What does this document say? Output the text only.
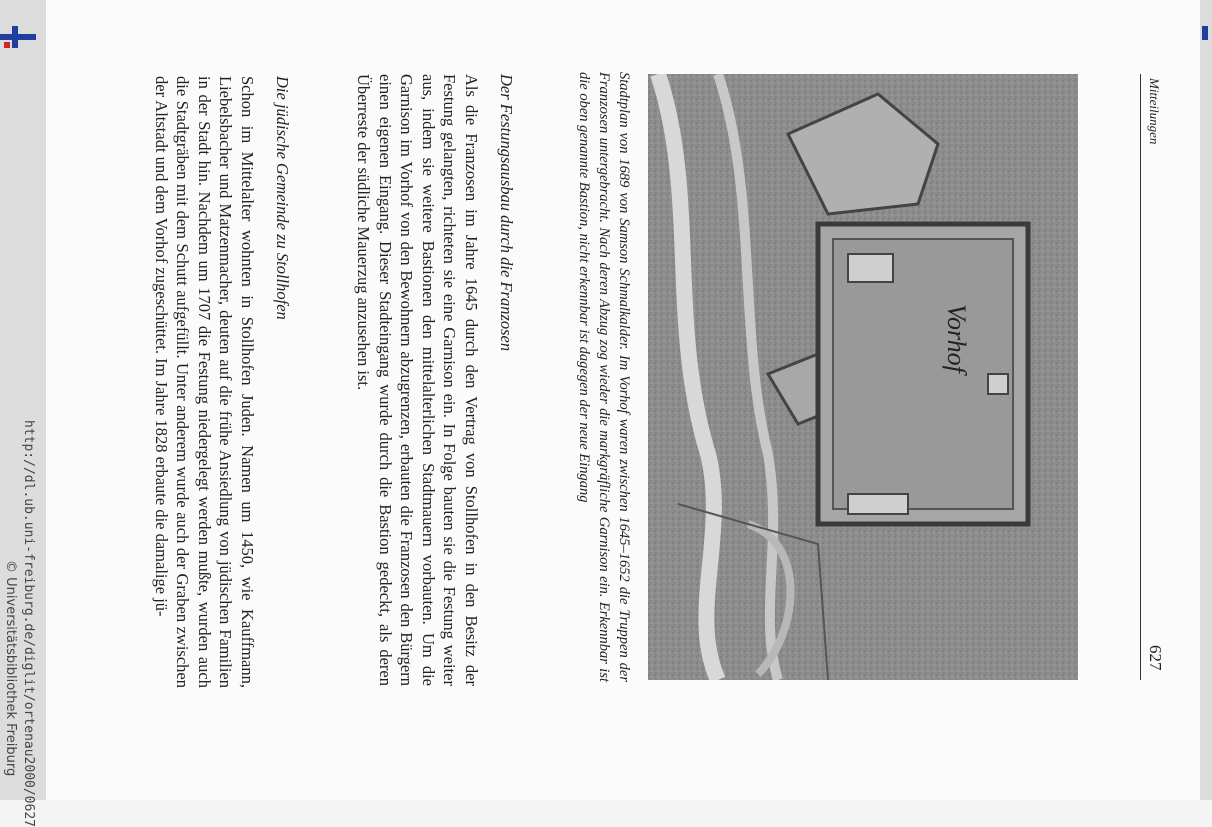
Mitteilungen
627
Vorhof
Stadtplan von 1689 von Samson Schmalkalder. Im Vorhof waren zwischen 1645–1652 die Truppen der Franzosen untergebracht. Nach deren Abzug zog wieder die markgräfliche Garnison ein. Erkennbar ist die oben genannte Bastion, nicht erkennbar ist dagegen der neue Eingang
Der Festungsausbau durch die Franzosen

Als die Franzosen im Jahre 1645 durch den Vertrag von Stollhofen in den Besitz der Festung gelangten, richteten sie eine Garnison ein. In Folge bauten sie die Festung weiter aus, indem sie weitere Bastionen den mittelalterlichen Stadtmauern vorbauten. Um die Garnison im Vorhof von den Bewohnern abzugrenzen, erbauten die Franzosen den Bürgern einen eigenen Eingang. Dieser Stadteingang wurde durch die Bastion gedeckt, als deren Überreste der südliche Mauerzug anzusehen ist.

Die jüdische Gemeinde zu Stollhofen

Schon im Mittelalter wohnten in Stollhofen Juden. Namen um 1450, wie Kauffmann, Liebelsbacher und Matzenmacher, deuten auf die frühe Ansiedlung von jüdischen Familien in der Stadt hin. Nachdem um 1707 die Festung niedergelegt werden mußte, wurden auch die Stadtgräben mit dem Schutt aufgefüllt. Unter anderem wurde auch der Graben zwischen der Altstadt und dem Vorhof zugeschüttet. Im Jahre 1828 erbaute die damalige jü-

http://dl.ub.uni-freiburg.de/diglit/ortenau2000/0627
© Universitätsbibliothek Freiburg
